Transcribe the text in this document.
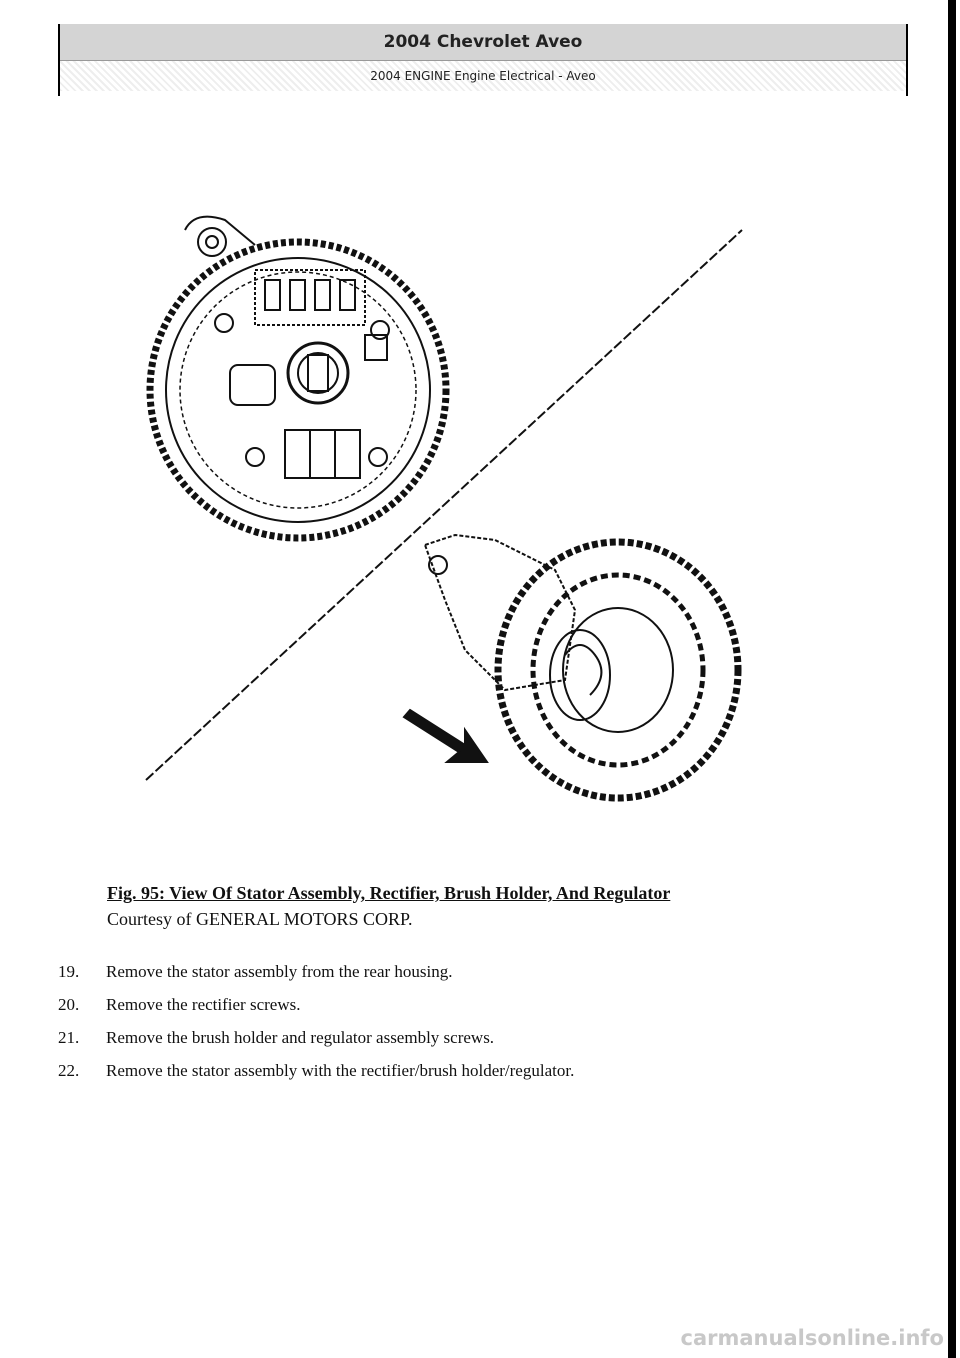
2004 Chevrolet Aveo
2004 ENGINE Engine Electrical - Aveo
Fig. 95: View Of Stator Assembly, Rectifier, Brush Holder, And Regulator
Courtesy of GENERAL MOTORS CORP.
19.	Remove the stator assembly from the rear housing.
20.	Remove the rectifier screws.
21.	Remove the brush holder and regulator assembly screws.
22.	Remove the stator assembly with the rectifier/brush holder/regulator.
carmanualsonline.info
